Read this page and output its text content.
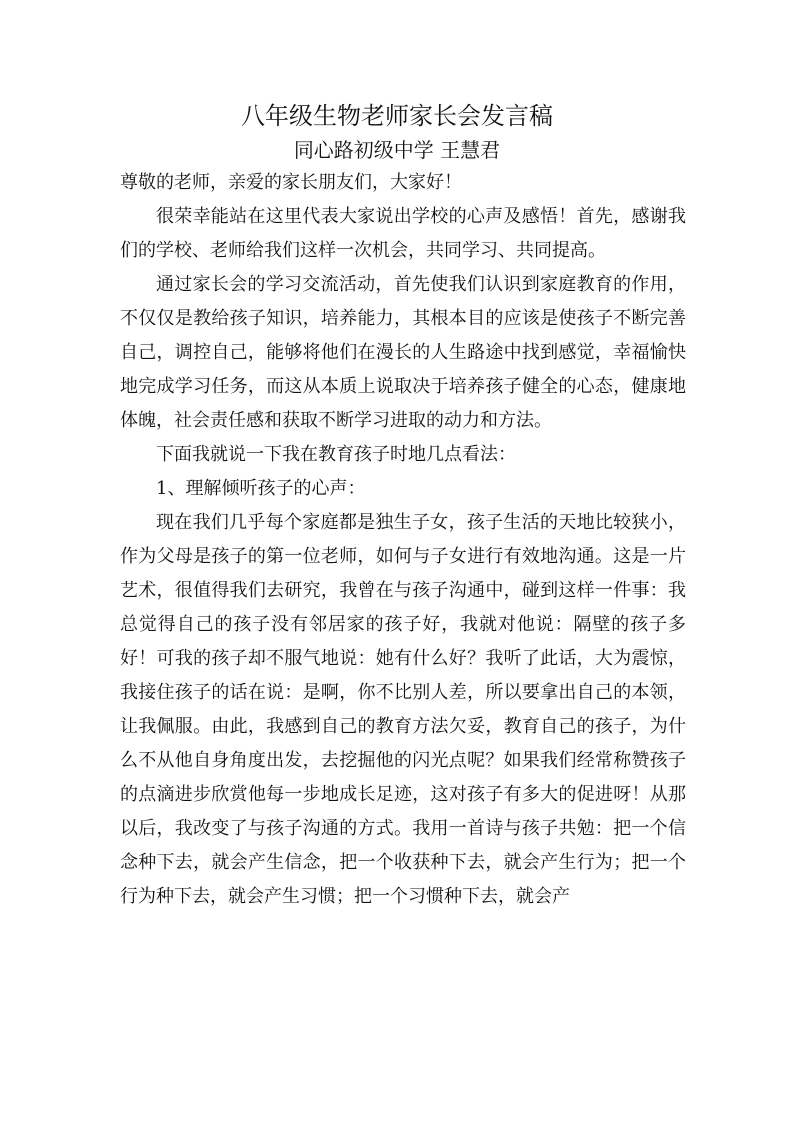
八年级生物老师家长会发言稿
同心路初级中学 王慧君

尊敬的老师，亲爱的家长朋友们，大家好！

很荣幸能站在这里代表大家说出学校的心声及感悟！首先，感谢我们的学校、老师给我们这样一次机会，共同学习、共同提高。

通过家长会的学习交流活动，首先使我们认识到家庭教育的作用，不仅仅是教给孩子知识，培养能力，其根本目的应该是使孩子不断完善自己，调控自己，能够将他们在漫长的人生路途中找到感觉，幸福愉快地完成学习任务，而这从本质上说取决于培养孩子健全的心态，健康地体魄，社会责任感和获取不断学习进取的动力和方法。

下面我就说一下我在教育孩子时地几点看法：

1、理解倾听孩子的心声：

现在我们几乎每个家庭都是独生子女，孩子生活的天地比较狭小，作为父母是孩子的第一位老师，如何与子女进行有效地沟通。这是一片艺术，很值得我们去研究，我曾在与孩子沟通中，碰到这样一件事：我总觉得自己的孩子没有邻居家的孩子好，我就对他说：隔壁的孩子多好！可我的孩子却不服气地说：她有什么好？我听了此话，大为震惊，我接住孩子的话在说：是啊，你不比别人差，所以要拿出自己的本领，让我佩服。由此，我感到自己的教育方法欠妥，教育自己的孩子，为什么不从他自身角度出发，去挖掘他的闪光点呢？如果我们经常称赞孩子的点滴进步欣赏他每一步地成长足迹，这对孩子有多大的促进呀！从那以后，我改变了与孩子沟通的方式。我用一首诗与孩子共勉：把一个信念种下去，就会产生信念，把一个收获种下去，就会产生行为；把一个行为种下去，就会产生习惯；把一个习惯种下去，就会产
